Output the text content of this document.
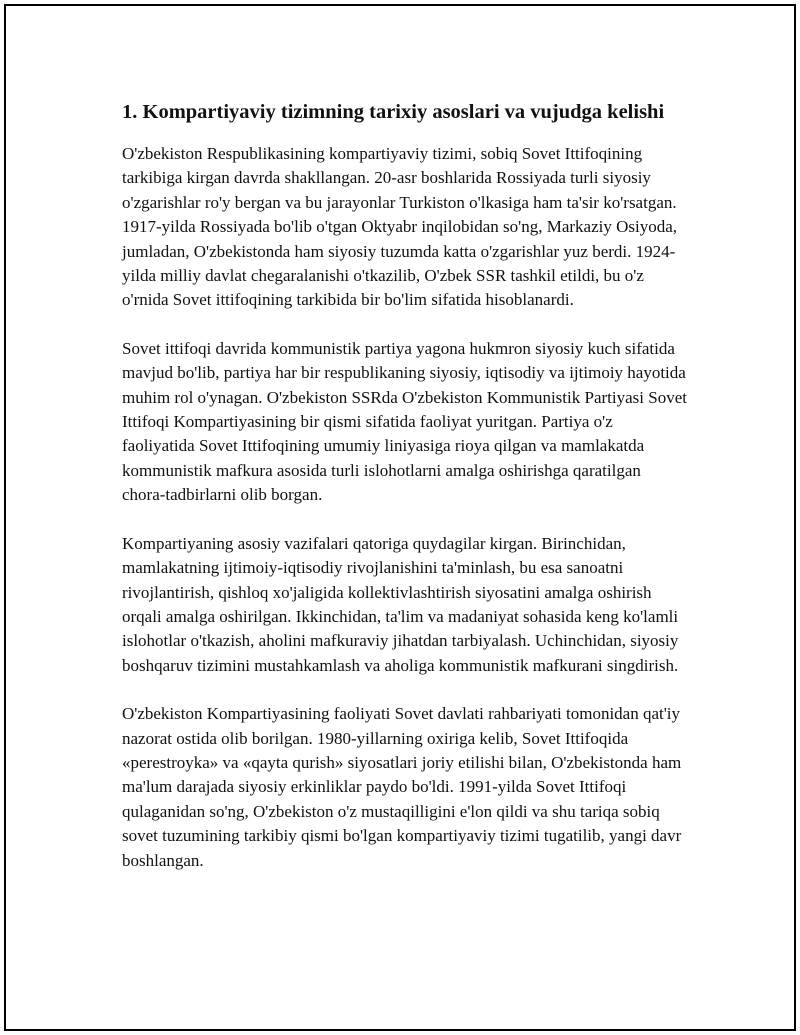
1. Kompartiyaviy tizimning tarixiy asoslari va vujudga kelishi

O'zbekiston Respublikasining kompartiyaviy tizimi, sobiq Sovet Ittifoqining tarkibiga kirgan davrda shakllangan. 20-asr boshlarida Rossiyada turli siyosiy o'zgarishlar ro'y bergan va bu jarayonlar Turkiston o'lkasiga ham ta'sir ko'rsatgan. 1917-yilda Rossiyada bo'lib o'tgan Oktyabr inqilobidan so'ng, Markaziy Osiyoda, jumladan, O'zbekistonda ham siyosiy tuzumda katta o'zgarishlar yuz berdi. 1924-yilda milliy davlat chegaralanishi o'tkazilib, O'zbek SSR tashkil etildi, bu o'z o'rnida Sovet ittifoqining tarkibida bir bo'lim sifatida hisoblanardi.

Sovet ittifoqi davrida kommunistik partiya yagona hukmron siyosiy kuch sifatida mavjud bo'lib, partiya har bir respublikaning siyosiy, iqtisodiy va ijtimoiy hayotida muhim rol o'ynagan. O'zbekiston SSRda O'zbekiston Kommunistik Partiyasi Sovet Ittifoqi Kompartiyasining bir qismi sifatida faoliyat yuritgan. Partiya o'z faoliyatida Sovet Ittifoqining umumiy liniyasiga rioya qilgan va mamlakatda kommunistik mafkura asosida turli islohotlarni amalga oshirishga qaratilgan chora-tadbirlarni olib borgan.

Kompartiyaning asosiy vazifalari qatoriga quydagilar kirgan. Birinchidan, mamlakatning ijtimoiy-iqtisodiy rivojlanishini ta'minlash, bu esa sanoatni rivojlantirish, qishloq xo'jaligida kollektivlashtirish siyosatini amalga oshirish orqali amalga oshirilgan. Ikkinchidan, ta'lim va madaniyat sohasida keng ko'lamli islohotlar o'tkazish, aholini mafkuraviy jihatdan tarbiyalash. Uchinchidan, siyosiy boshqaruv tizimini mustahkamlash va aholiga kommunistik mafkurani singdirish.

O'zbekiston Kompartiyasining faoliyati Sovet davlati rahbariyati tomonidan qat'iy nazorat ostida olib borilgan. 1980-yillarning oxiriga kelib, Sovet Ittifoqida «perestroyka» va «qayta qurish» siyosatlari joriy etilishi bilan, O'zbekistonda ham ma'lum darajada siyosiy erkinliklar paydo bo'ldi. 1991-yilda Sovet Ittifoqi qulaganidan so'ng, O'zbekiston o'z mustaqilligini e'lon qildi va shu tariqa sobiq sovet tuzumining tarkibiy qismi bo'lgan kompartiyaviy tizimi tugatilib, yangi davr boshlangan.
